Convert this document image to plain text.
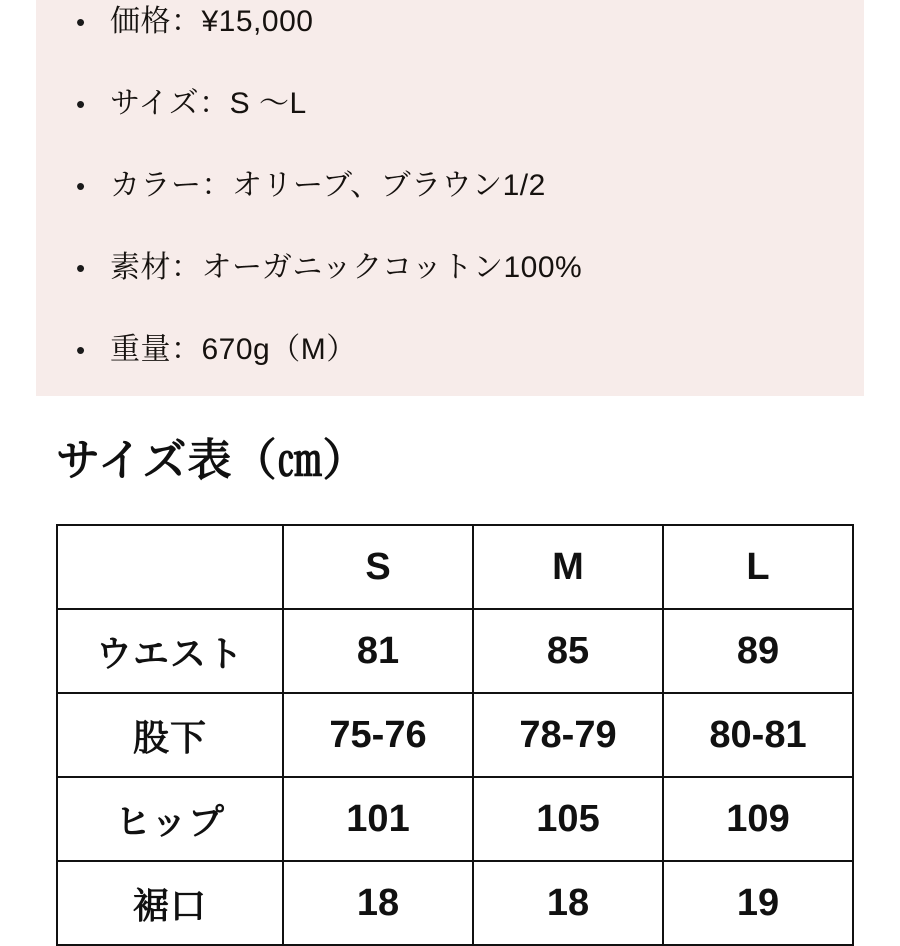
• 価格：¥15,000
• サイズ：S 〜L
• カラー：オリーブ、ブラウン1/2
• 素材：オーガニックコットン100%
• 重量：670g（M）
サイズ表（㎝）
	S	M	L
ウエスト	81	85	89
股下	75-76	78-79	80-81
ヒップ	101	105	109
裾口	18	18	19
